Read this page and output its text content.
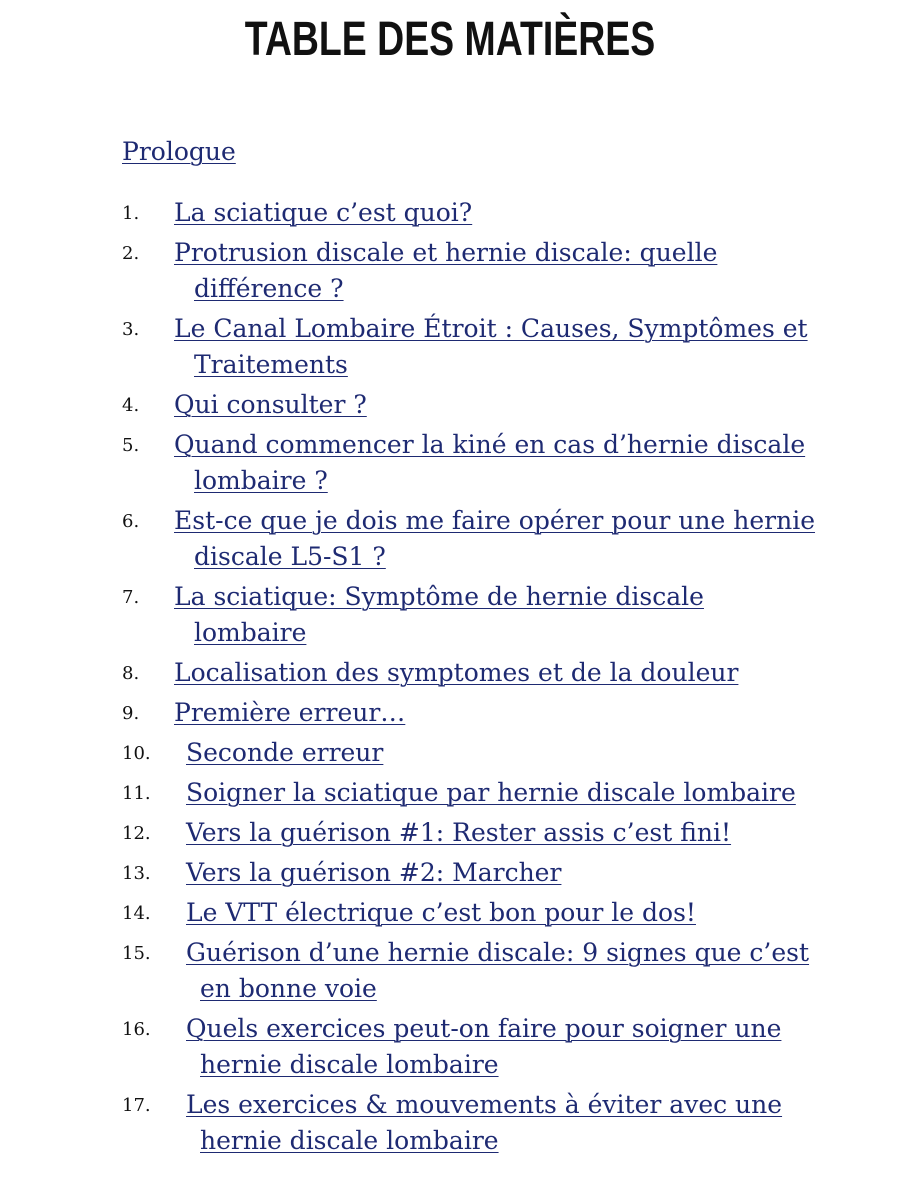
TABLE DES MATIÈRES
Prologue
1. La sciatique c’est quoi?
2. Protrusion discale et hernie discale: quelle différence ?
3. Le Canal Lombaire Étroit : Causes, Symptômes et Traitements
4. Qui consulter ?
5. Quand commencer la kiné en cas d’hernie discale lombaire ?
6. Est-ce que je dois me faire opérer pour une hernie discale L5-S1 ?
7. La sciatique: Symptôme de hernie discale lombaire
8. Localisation des symptomes et de la douleur
9. Première erreur…
10. Seconde erreur
11. Soigner la sciatique par hernie discale lombaire
12. Vers la guérison #1: Rester assis c’est fini!
13. Vers la guérison #2: Marcher
14. Le VTT électrique c’est bon pour le dos!
15. Guérison d’une hernie discale: 9 signes que c’est en bonne voie
16. Quels exercices peut-on faire pour soigner une hernie discale lombaire
17. Les exercices & mouvements à éviter avec une hernie discale lombaire
